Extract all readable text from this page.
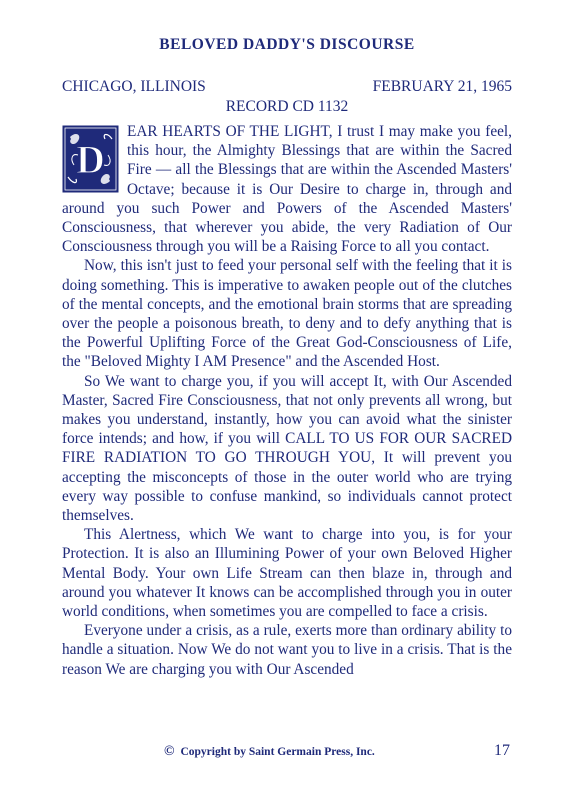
BELOVED DADDY'S DISCOURSE
CHICAGO, ILLINOIS	FEBRUARY 21, 1965
RECORD CD 1132
D

EAR HEARTS OF THE LIGHT, I trust I may make you feel, this hour, the Almighty Blessings that are within the Sacred Fire — all the Blessings that are within the Ascended Masters' Octave; because it is Our Desire to charge in, through and around you such Power and Powers of the Ascended Masters' Consciousness, that wherever you abide, the very Radiation of Our Consciousness through you will be a Raising Force to all you contact.

Now, this isn't just to feed your personal self with the feeling that it is doing something. This is imperative to awaken people out of the clutches of the mental concepts, and the emotional brain storms that are spreading over the people a poisonous breath, to deny and to defy anything that is the Powerful Uplifting Force of the Great God-Consciousness of Life, the "Beloved Mighty I AM Presence" and the Ascended Host.

So We want to charge you, if you will accept It, with Our Ascended Master, Sacred Fire Consciousness, that not only prevents all wrong, but makes you understand, instantly, how you can avoid what the sinister force intends; and how, if you will CALL TO US FOR OUR SACRED FIRE RADIATION TO GO THROUGH YOU, It will prevent you accepting the misconcepts of those in the outer world who are trying every way possible to confuse mankind, so individuals cannot protect themselves.

This Alertness, which We want to charge into you, is for your Protection. It is also an Illumining Power of your own Beloved Higher Mental Body. Your own Life Stream can then blaze in, through and around you whatever It knows can be accomplished through you in outer world conditions, when sometimes you are compelled to face a crisis.

Everyone under a crisis, as a rule, exerts more than ordinary ability to handle a situation. Now We do not want you to live in a crisis. That is the reason We are charging you with Our Ascended

© Copyright by Saint Germain Press, Inc.	17
